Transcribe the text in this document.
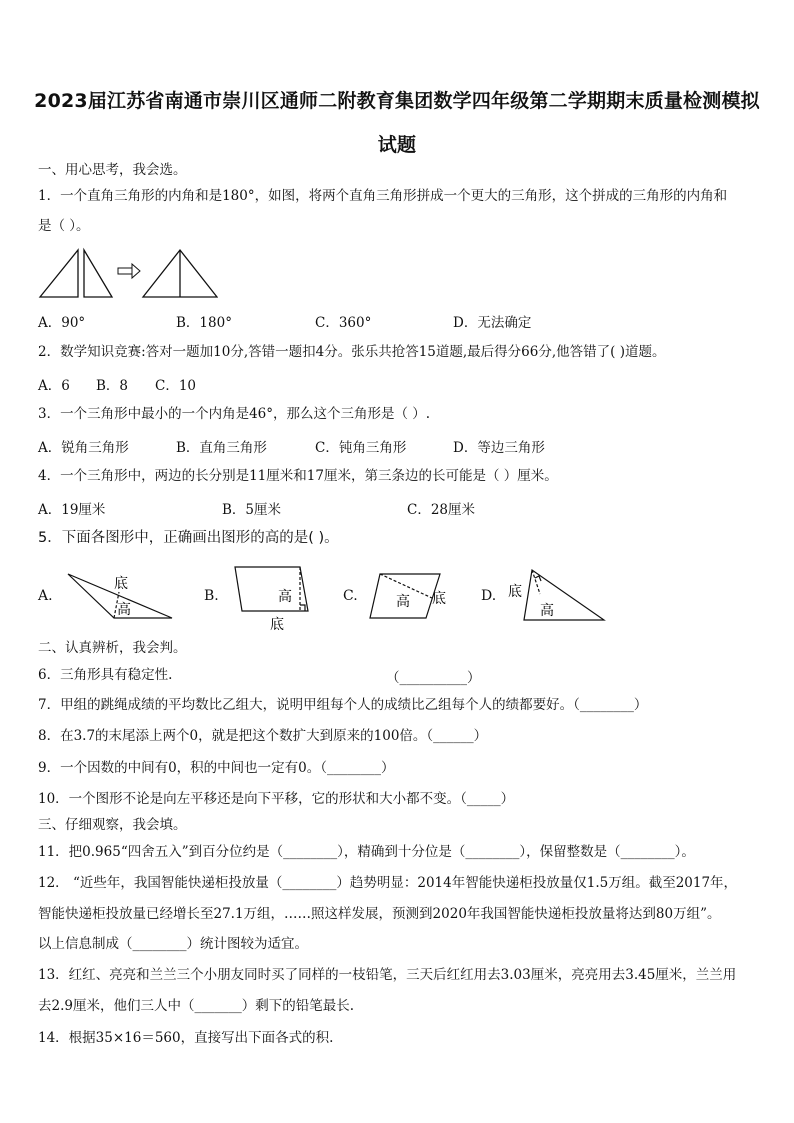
2023届江苏省南通市崇川区通师二附教育集团数学四年级第二学期期末质量检测模拟
试题
一、用心思考，我会选。
1．一个直角三角形的内角和是180°，如图，将两个直角三角形拼成一个更大的三角形，这个拼成的三角形的内角和
是（ ）。
A．90°	B．180°	C．360°	D．无法确定
2．数学知识竞赛:答对一题加10分,答错一题扣4分。张乐共抢答15道题,最后得分66分,他答错了( )道题。
A．6 B．8 C．10
3．一个三角形中最小的一个内角是46°，那么这个三角形是（ ）.
A．锐角三角形	B．直角三角形	C．钝角三角形	D．等边三角形
4．一个三角形中，两边的长分别是11厘米和17厘米，第三条边的长可能是（ ）厘米。
A．19厘米	B．5厘米	C．28厘米
5．下面各图形中，正确画出图形的高的是( )。
A.
底
高
B.	高
底
C.	高 底	D. 底
高
二、认真辨析，我会判。
6．三角形具有稳定性.	（__________）
7．甲组的跳绳成绩的平均数比乙组大，说明甲组每个人的成绩比乙组每个人的绩都要好。（________）
8．在3.7的末尾添上两个0，就是把这个数扩大到原来的100倍。（______）
9．一个因数的中间有0，积的中间也一定有0。（________）
10．一个图形不论是向左平移还是向下平移，它的形状和大小都不变。（_____）
三、仔细观察，我会填。
11．把0.965“四舍五入”到百分位约是（________），精确到十分位是（________），保留整数是（________）。
12． “近些年，我国智能快递柜投放量（________）趋势明显：2014年智能快递柜投放量仅1.5万组。截至2017年，
智能快递柜投放量已经增长至27.1万组，……照这样发展，预测到2020年我国智能快递柜投放量将达到80万组”。
以上信息制成（________）统计图较为适宜。
13．红红、亮亮和兰兰三个小朋友同时买了同样的一枝铅笔，三天后红红用去3.03厘米，亮亮用去3.45厘米，兰兰用
去2.9厘米，他们三人中（_______）剩下的铅笔最长.
14．根据35×16＝560，直接写出下面各式的积.
